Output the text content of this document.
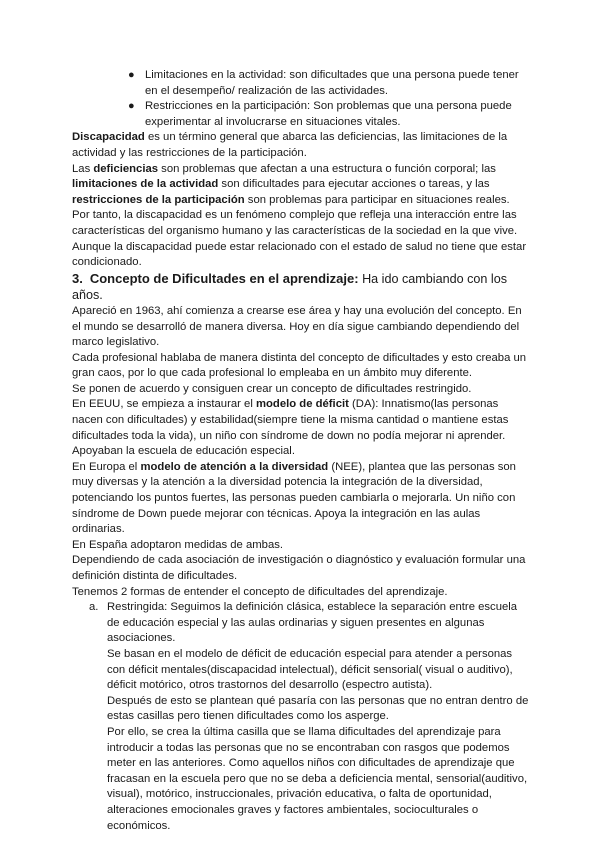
● Limitaciones en la actividad: son dificultades que una persona puede tener en el desempeño/ realización de las actividades.
● Restricciones en la participación: Son problemas que una persona puede experimentar al involucrarse en situaciones vitales.

Discapacidad es un término general que abarca las deficiencias, las limitaciones de la actividad y las restricciones de la participación.

Las deficiencias son problemas que afectan a una estructura o función corporal; las limitaciones de la actividad son dificultades para ejecutar acciones o tareas, y las restricciones de la participación son problemas para participar en situaciones reales.

Por tanto, la discapacidad es un fenómeno complejo que refleja una interacción entre las características del organismo humano y las características de la sociedad en la que vive.

Aunque la discapacidad puede estar relacionado con el estado de salud no tiene que estar condicionado.

3. Concepto de Dificultades en el aprendizaje: Ha ido cambiando con los años.

Apareció en 1963, ahí comienza a crearse ese área y hay una evolución del concepto. En el mundo se desarrolló de manera diversa. Hoy en día sigue cambiando dependiendo del marco legislativo.

Cada profesional hablaba de manera distinta del concepto de dificultades y esto creaba un gran caos, por lo que cada profesional lo empleaba en un ámbito muy diferente.

Se ponen de acuerdo y consiguen crear un concepto de dificultades restringido.

En EEUU, se empieza a instaurar el modelo de déficit (DA): Innatismo(las personas nacen con dificultades) y estabilidad(siempre tiene la misma cantidad o mantiene estas dificultades toda la vida), un niño con síndrome de down no podía mejorar ni aprender. Apoyaban la escuela de educación especial.

En Europa el modelo de atención a la diversidad (NEE), plantea que las personas son muy diversas y la atención a la diversidad potencia la integración de la diversidad, potenciando los puntos fuertes, las personas pueden cambiarla o mejorarla. Un niño con síndrome de Down puede mejorar con técnicas. Apoya la integración en las aulas ordinarias.

En España adoptaron medidas de ambas.

Dependiendo de cada asociación de investigación o diagnóstico y evaluación formular una definición distinta de dificultades.

Tenemos 2 formas de entender el concepto de dificultades del aprendizaje.

a. Restringida: Seguimos la definición clásica, establece la separación entre escuela de educación especial y las aulas ordinarias y siguen presentes en algunas asociaciones.

Se basan en el modelo de déficit de educación especial para atender a personas con déficit mentales(discapacidad intelectual), déficit sensorial( visual o auditivo), déficit motórico, otros trastornos del desarrollo (espectro autista).

Después de esto se plantean qué pasaría con las personas que no entran dentro de estas casillas pero tienen dificultades como los asperge.

Por ello, se crea la última casilla que se llama dificultades del aprendizaje para introducir a todas las personas que no se encontraban con rasgos que podemos meter en las anteriores. Como aquellos niños con dificultades de aprendizaje que fracasan en la escuela pero que no se deba a deficiencia mental, sensorial(auditivo, visual), motórico, instruccionales, privación educativa, o falta de oportunidad, alteraciones emocionales graves y factores ambientales, socioculturales o económicos.
